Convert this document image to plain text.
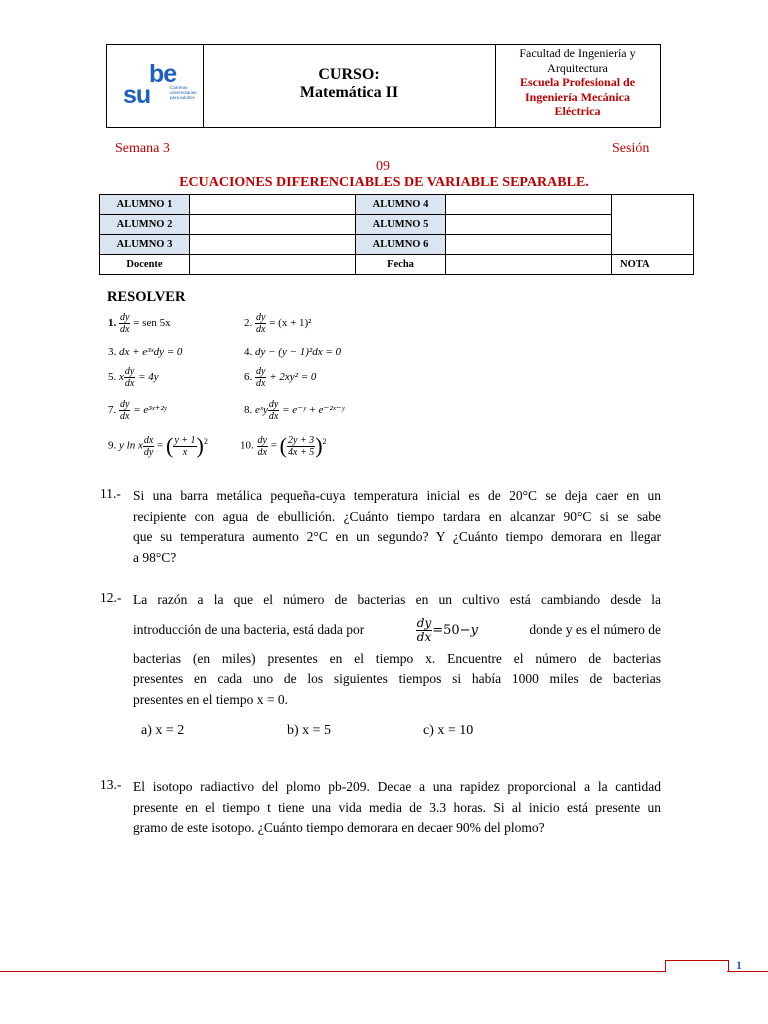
be
su	Carreras universitarias para adultos
CURSO:
Matemática II
Facultad de Ingeniería y Arquitectura
Escuela Profesional de
Ingeniería Mecánica
Eléctrica
Semana 3	Sesión
09
ECUACIONES DIFERENCIABLES DE VARIABLE SEPARABLE.
ALUMNO 1		ALUMNO 4		
ALUMNO 2		ALUMNO 5		
ALUMNO 3		ALUMNO 6		
Docente		Fecha		NOTA
RESOLVER
1. $\frac{dy}{dx}$ = sen 5x	2. $\frac{dy}{dx} = (x + 1)^2$
3. dx + e³ˣdy = 0	4. dy − (y − 1)²dx = 0
5. x $\frac{dy}{dx} = 4y$	6. $\frac{dy}{dx} + 2xy^2 = 0$
7. $\frac{dy}{dx}$ = e³ˣ⁺²ʸ	8. eˣy $\frac{dy}{dx}$ = e⁻ʸ + e⁻²ˣ⁻ʸ
9. y ln x $\frac{dx}{dy}$ = ( $\frac{y + 1}{x} )^2$	10. $\frac{dy}{dx}$ = ( $\frac{2y + 3}{4x + 5} )^2$
11.- Si una barra metálica pequeña-cuya temperatura inicial es de 20°C se deja caer en un
recipiente con agua de ebullición. ¿Cuánto tiempo tardara en alcanzar 90°C si se sabe
que su temperatura aumento 2°C en un segundo? Y ¿Cuánto tiempo demorara en llegar
a 98°C?
12.- La razón a la que el número de bacterias en un cultivo está cambiando desde la
introducción de una bacteria, está dada por	$\frac{dy}{dx} =50-y$	donde y es el número de
bacterias (en miles) presentes en el tiempo x. Encuentre el número de bacterias
presentes en cada uno de los siguientes tiempos si había 1000 miles de bacterias
presentes en el tiempo x = 0.
a) x = 2	b) x = 5	c) x = 10
13.- El isotopo radiactivo del plomo pb-209. Decae a una rapidez proporcional a la cantidad
presente en el tiempo t tiene una vida media de 3.3 horas. Si al inicio está presente un
gramo de este isotopo. ¿Cuánto tiempo demorara en decaer 90% del plomo?
1
